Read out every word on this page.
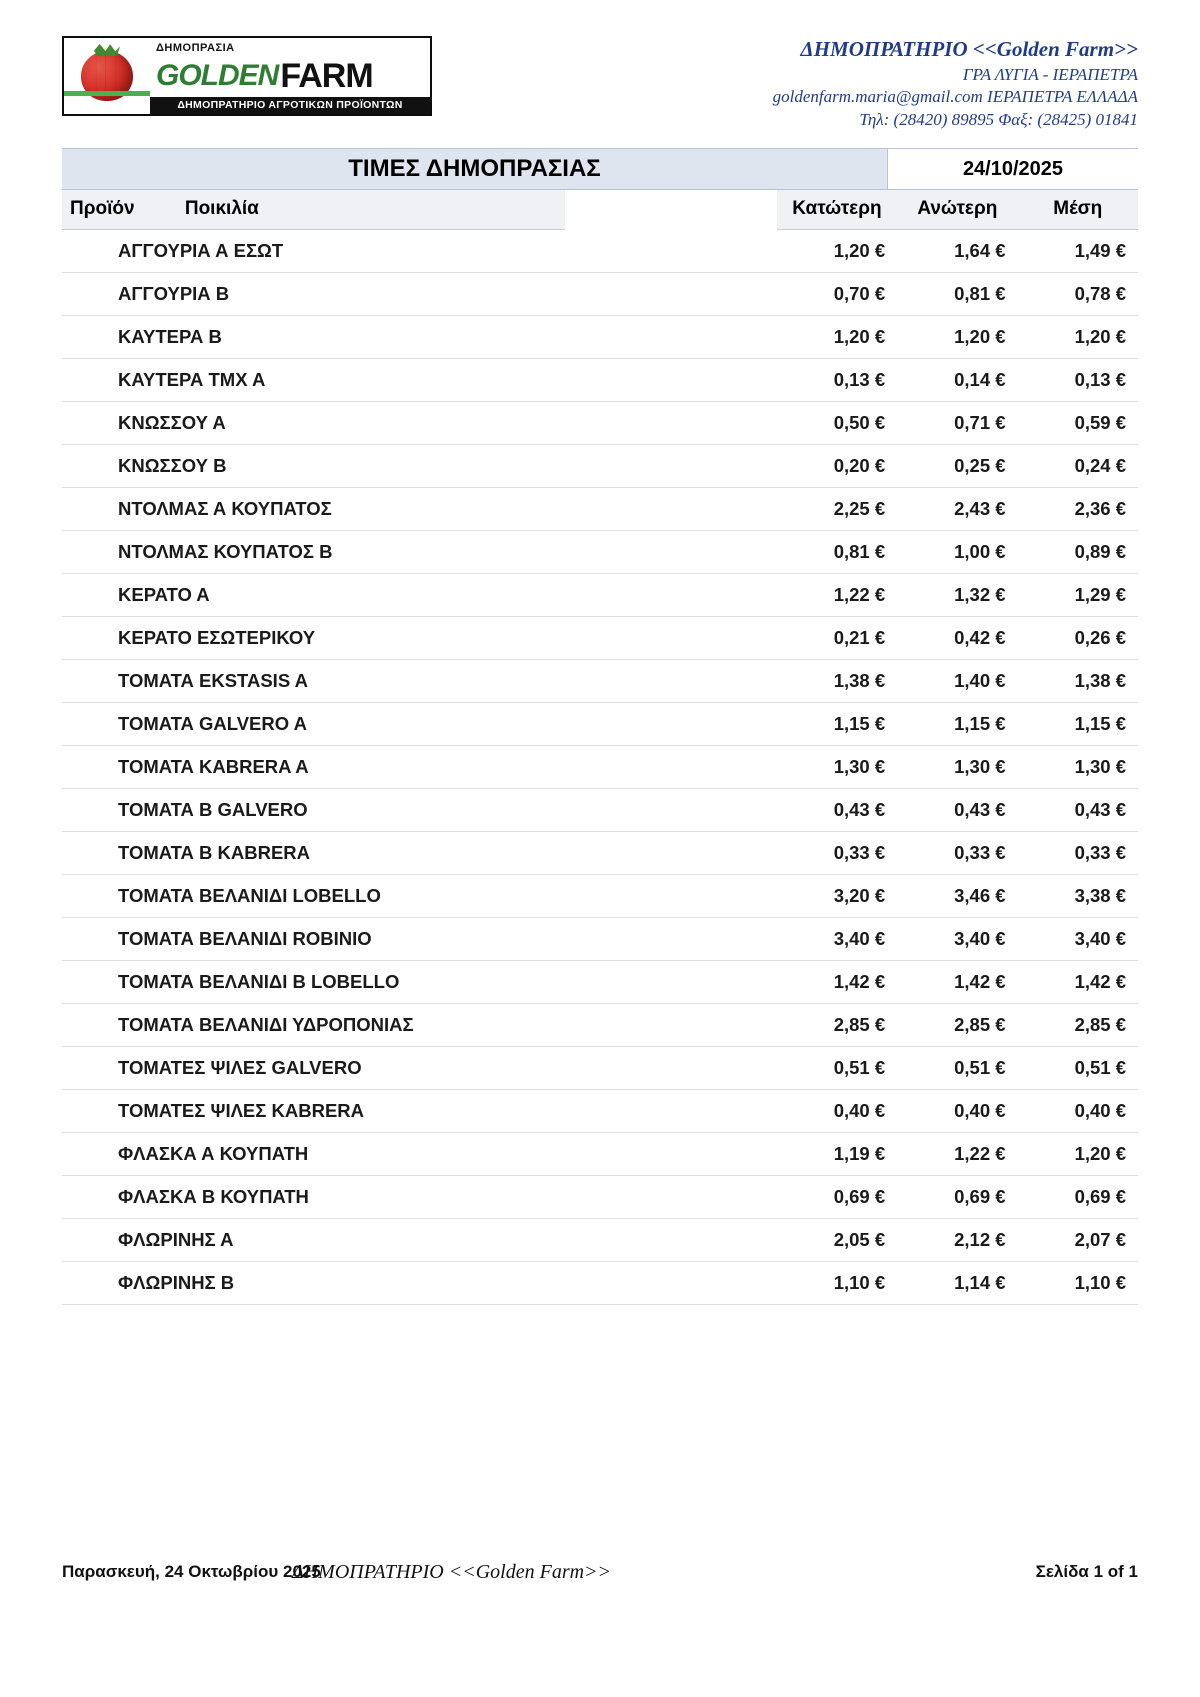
ΔΗΜΟΠΡΑΣΙΑ
GOLDEN FARM
ΔΗΜΟΠΡΑΤΗΡΙΟ ΑΓΡΟΤΙΚΩΝ ΠΡΟΪΟΝΤΩΝ
ΔΗΜΟΠΡΑΤΗΡΙΟ <<Golden Farm>>
ΓΡΑ ΛΥΓΙΑ - ΙΕΡΑΠΕΤΡΑ
goldenfarm.maria@gmail.com ΙΕΡΑΠΕΤΡΑ ΕΛΛΑΔΑ
Τηλ: (28420) 89895 Φαξ: (28425) 01841
ΤΙΜΕΣ ΔΗΜΟΠΡΑΣΙΑΣ	24/10/2025
Προϊόν	Ποικιλία		Κατώτερη	Ανώτερη	Μέση
ΑΓΓΟΥΡΙΑ Α ΕΣΩΤ			1,20 €	1,64 €	1,49 €
ΑΓΓΟΥΡΙΑ Β			0,70 €	0,81 €	0,78 €
ΚΑΥΤΕΡΑ Β			1,20 €	1,20 €	1,20 €
ΚΑΥΤΕΡΑ ΤΜΧ Α			0,13 €	0,14 €	0,13 €
ΚΝΩΣΣΟΥ Α			0,50 €	0,71 €	0,59 €
ΚΝΩΣΣΟΥ Β			0,20 €	0,25 €	0,24 €
ΝΤΟΛΜΑΣ Α ΚΟΥΠΑΤΟΣ			2,25 €	2,43 €	2,36 €
ΝΤΟΛΜΑΣ ΚΟΥΠΑΤΟΣ Β			0,81 €	1,00 €	0,89 €
ΚΕΡΑΤΟ Α			1,22 €	1,32 €	1,29 €
ΚΕΡΑΤΟ ΕΣΩΤΕΡΙΚΟΥ			0,21 €	0,42 €	0,26 €
ΤΟΜΑΤΑ EKSTASIS A			1,38 €	1,40 €	1,38 €
ΤΟΜΑΤΑ GALVERO A			1,15 €	1,15 €	1,15 €
ΤΟΜΑΤΑ KABRERA A			1,30 €	1,30 €	1,30 €
ΤΟΜΑΤΑ Β GALVERO			0,43 €	0,43 €	0,43 €
ΤΟΜΑΤΑ Β KABRERA			0,33 €	0,33 €	0,33 €
ΤΟΜΑΤΑ ΒΕΛΑΝΙΔΙ LOBELLO			3,20 €	3,46 €	3,38 €
ΤΟΜΑΤΑ ΒΕΛΑΝΙΔΙ ROBINIO			3,40 €	3,40 €	3,40 €
ΤΟΜΑΤΑ ΒΕΛΑΝΙΔΙ Β LOBELLO			1,42 €	1,42 €	1,42 €
ΤΟΜΑΤΑ ΒΕΛΑΝΙΔΙ ΥΔΡΟΠΟΝΙΑΣ			2,85 €	2,85 €	2,85 €
ΤΟΜΑΤΕΣ ΨΙΛΕΣ GALVERO			0,51 €	0,51 €	0,51 €
ΤΟΜΑΤΕΣ ΨΙΛΕΣ KABRERA			0,40 €	0,40 €	0,40 €
ΦΛΑΣΚΑ Α ΚΟΥΠΑΤΗ			1,19 €	1,22 €	1,20 €
ΦΛΑΣΚΑ Β ΚΟΥΠΑΤΗ			0,69 €	0,69 €	0,69 €
ΦΛΩΡΙΝΗΣ Α			2,05 €	2,12 €	2,07 €
ΦΛΩΡΙΝΗΣ Β			1,10 €	1,14 €	1,10 €
Παρασκευή, 24 Οκτωβρίου 2025
ΔΗΜΟΠΡΑΤΗΡΙΟ <<Golden Farm>>	Σελίδα 1 of 1
